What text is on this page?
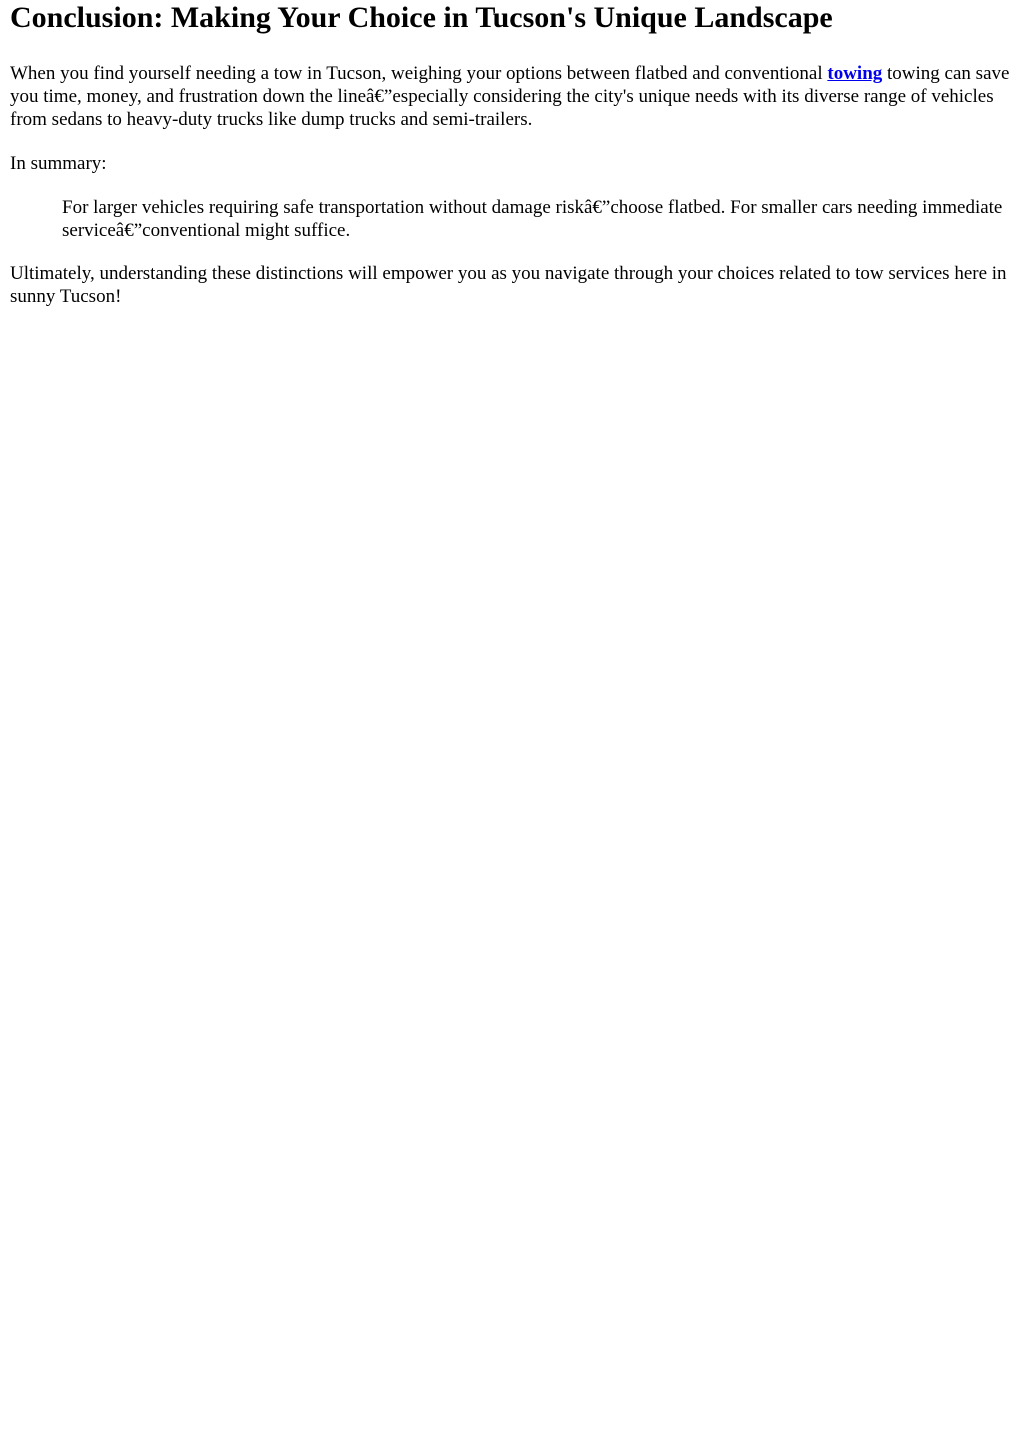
Conclusion: Making Your Choice in Tucson's Unique Landscape

When you find yourself needing a tow in Tucson, weighing your options between flatbed and conventional towing towing can save you time, money, and frustration down the lineâ€”especially considering the city's unique needs with its diverse range of vehicles from sedans to heavy-duty trucks like dump trucks and semi-trailers.

In summary:

For larger vehicles requiring safe transportation without damage riskâ€”choose flatbed. For smaller cars needing immediate serviceâ€”conventional might suffice.

Ultimately, understanding these distinctions will empower you as you navigate through your choices related to tow services here in sunny Tucson!
